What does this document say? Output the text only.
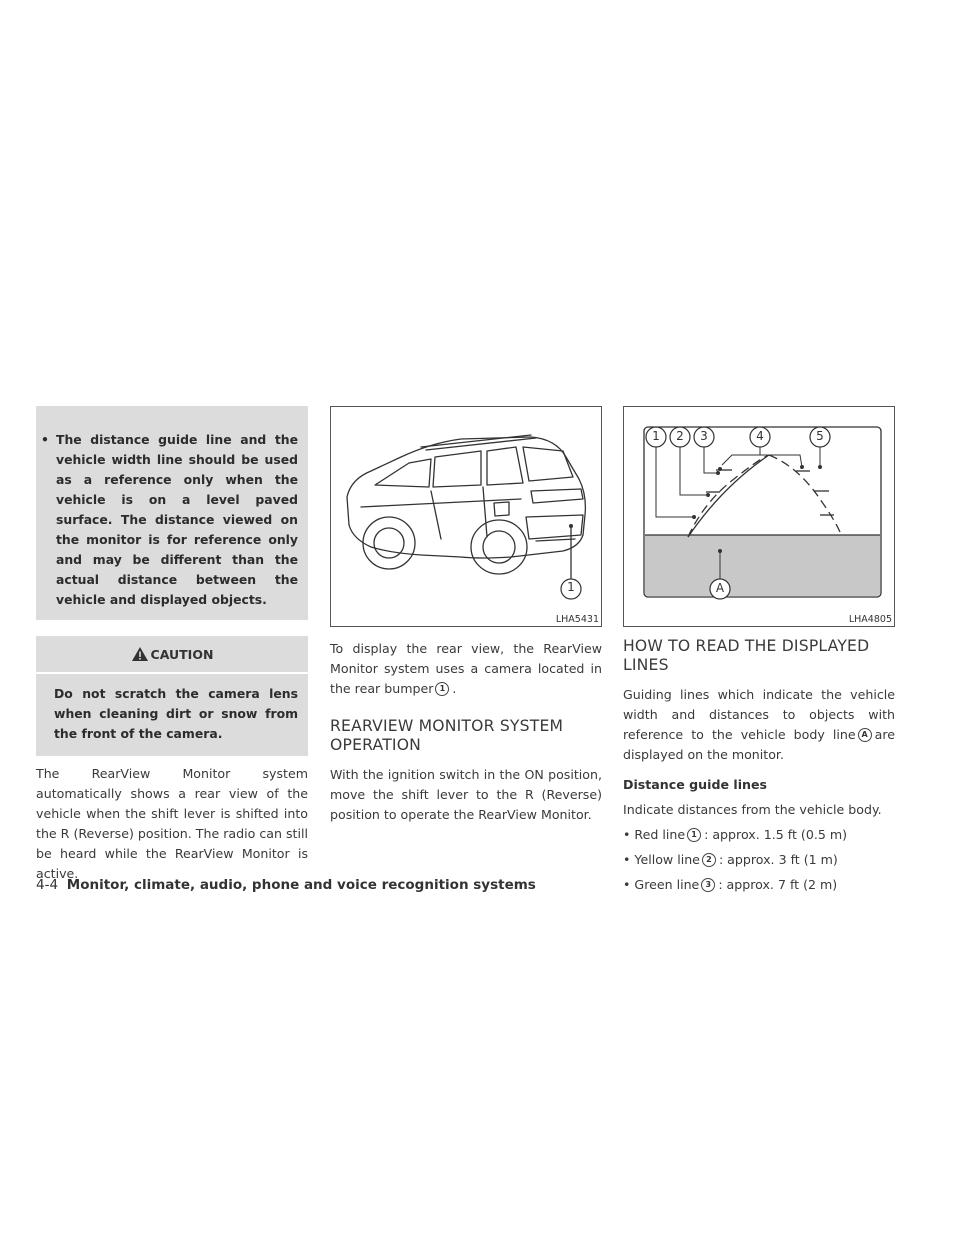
• The distance guide line and the vehicle width line should be used as a reference only when the vehicle is on a level paved surface. The distance viewed on the monitor is for reference only and may be different than the actual distance between the vehicle and displayed objects.
CAUTION
Do not scratch the camera lens when cleaning dirt or snow from the front of the camera.

The RearView Monitor system automatically shows a rear view of the vehicle when the shift lever is shifted into the R (Reverse) position. The radio can still be heard while the RearView Monitor is active.

1
LHA5431

To display the rear view, the RearView Monitor system uses a camera located in the rear bumper 1 .

REARVIEW MONITOR SYSTEM OPERATION

With the ignition switch in the ON position, move the shift lever to the R (Reverse) position to operate the RearView Monitor.

1 2 3	4	5
A
LHA4805
HOW TO READ THE DISPLAYED LINES

Guiding lines which indicate the vehicle width and distances to objects with reference to the vehicle body line A are displayed on the monitor.

Distance guide lines
Indicate distances from the vehicle body.
• Red line 1 : approx. 1.5 ft (0.5 m)
• Yellow line 2 : approx. 3 ft (1 m)
• Green line 3 : approx. 7 ft (2 m)
4-4 Monitor, climate, audio, phone and voice recognition systems
